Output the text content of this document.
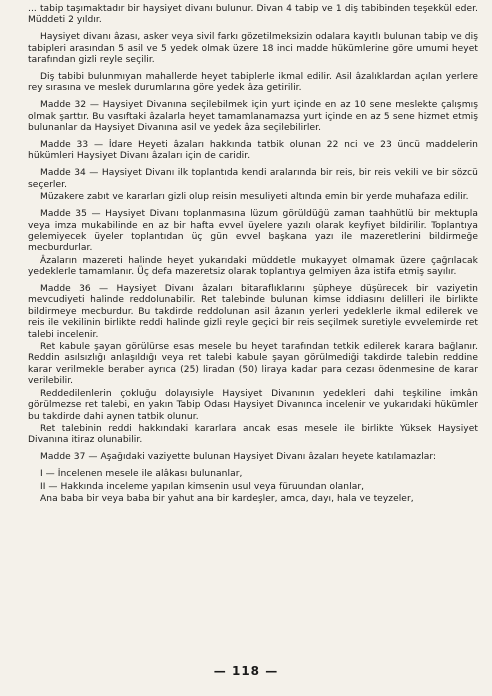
... tabip taşımaktadır bir haysiyet divanı bulunur. Divan 4 tabip ve 1 diş tabibinden teşekkül eder. Müddeti 2 yıldır.

Haysiyet divanı âzası, asker veya sivil farkı gözetilmeksizin odalara kayıtlı bulunan tabip ve diş tabipleri arasından 5 asil ve 5 yedek olmak üzere 18 inci madde hükümlerine göre umumi heyet tarafından gizli reyle seçilir.

Diş tabibi bulunmıyan mahallerde heyet tabiplerle ikmal edilir. Asil âzalıklardan açılan yerlere rey sırasına ve meslek durumlarına göre yedek âza getirilir.

Madde 32 — Haysiyet Divanına seçilebilmek için yurt içinde en az 10 sene meslekte çalışmış olmak şarttır. Bu vasıftaki âzalarla heyet tamamlanamazsa yurt içinde en az 5 sene hizmet etmiş bulunanlar da Haysiyet Divanına asil ve yedek âza seçilebilirler.

Madde 33 — İdare Heyeti âzaları hakkında tatbik olunan 22 nci ve 23 üncü maddelerin hükümleri Haysiyet Divanı âzaları için de caridir.

Madde 34 — Haysiyet Divanı ilk toplantıda kendi aralarında bir reis, bir reis vekili ve bir sözcü seçerler.

Müzakere zabıt ve kararları gizli olup reisin mesuliyeti altında emin bir yerde muhafaza edilir.

Madde 35 — Haysiyet Divanı toplanmasına lüzum görüldüğü zaman taahhütlü bir mektupla veya imza mukabilinde en az bir hafta evvel üyelere yazılı olarak keyfiyet bildirilir. Toplantıya gelemiyecek üyeler toplantıdan üç gün evvel başkana yazı ile mazeretlerini bildirmeğe mecburdurlar.

Âzaların mazereti halinde heyet yukarıdaki müddetle mukayyet olmamak üzere çağrılacak yedeklerle tamamlanır. Üç defa mazeretsiz olarak toplantıya gelmiyen âza istifa etmiş sayılır.

Madde 36 — Haysiyet Divanı âzaları bitaraflıklarını şüpheye düşürecek bir vaziyetin mevcudiyeti halinde reddolunabilir. Ret talebinde bulunan kimse iddiasını delilleri ile birlikte bildirmeye mecburdur. Bu takdirde reddolunan asil âzanın yerleri yedeklerle ikmal edilerek ve reis ile vekilinin birlikte reddi halinde gizli reyle geçici bir reis seçilmek suretiyle evvelemirde ret talebi incelenir.

Ret kabule şayan görülürse esas mesele bu heyet tarafından tetkik edilerek karara bağlanır. Reddin asılsızlığı anlaşıldığı veya ret talebi kabule şayan görülmediği takdirde talebin reddine karar verilmekle beraber ayrıca (25) liradan (50) liraya kadar para cezası ödenmesine de karar verilebilir.

Reddedilenlerin çokluğu dolayısiyle Haysiyet Divanının yedekleri dahi teşkiline imkân görülmezse ret talebi, en yakın Tabip Odası Haysiyet Divanınca incelenir ve yukarıdaki hükümler bu takdirde dahi aynen tatbik olunur.

Ret talebinin reddi hakkındaki kararlara ancak esas mesele ile birlikte Yüksek Haysiyet Divanına itiraz olunabilir.

Madde 37 — Aşağıdaki vaziyette bulunan Haysiyet Divanı âzaları heyete katılamazlar:

I — İncelenen mesele ile alâkası bulunanlar,

II — Hakkında inceleme yapılan kimsenin usul veya füruundan olanlar,

Ana baba bir veya baba bir yahut ana bir kardeşler, amca, dayı, hala ve teyzeler,

— 118 —
